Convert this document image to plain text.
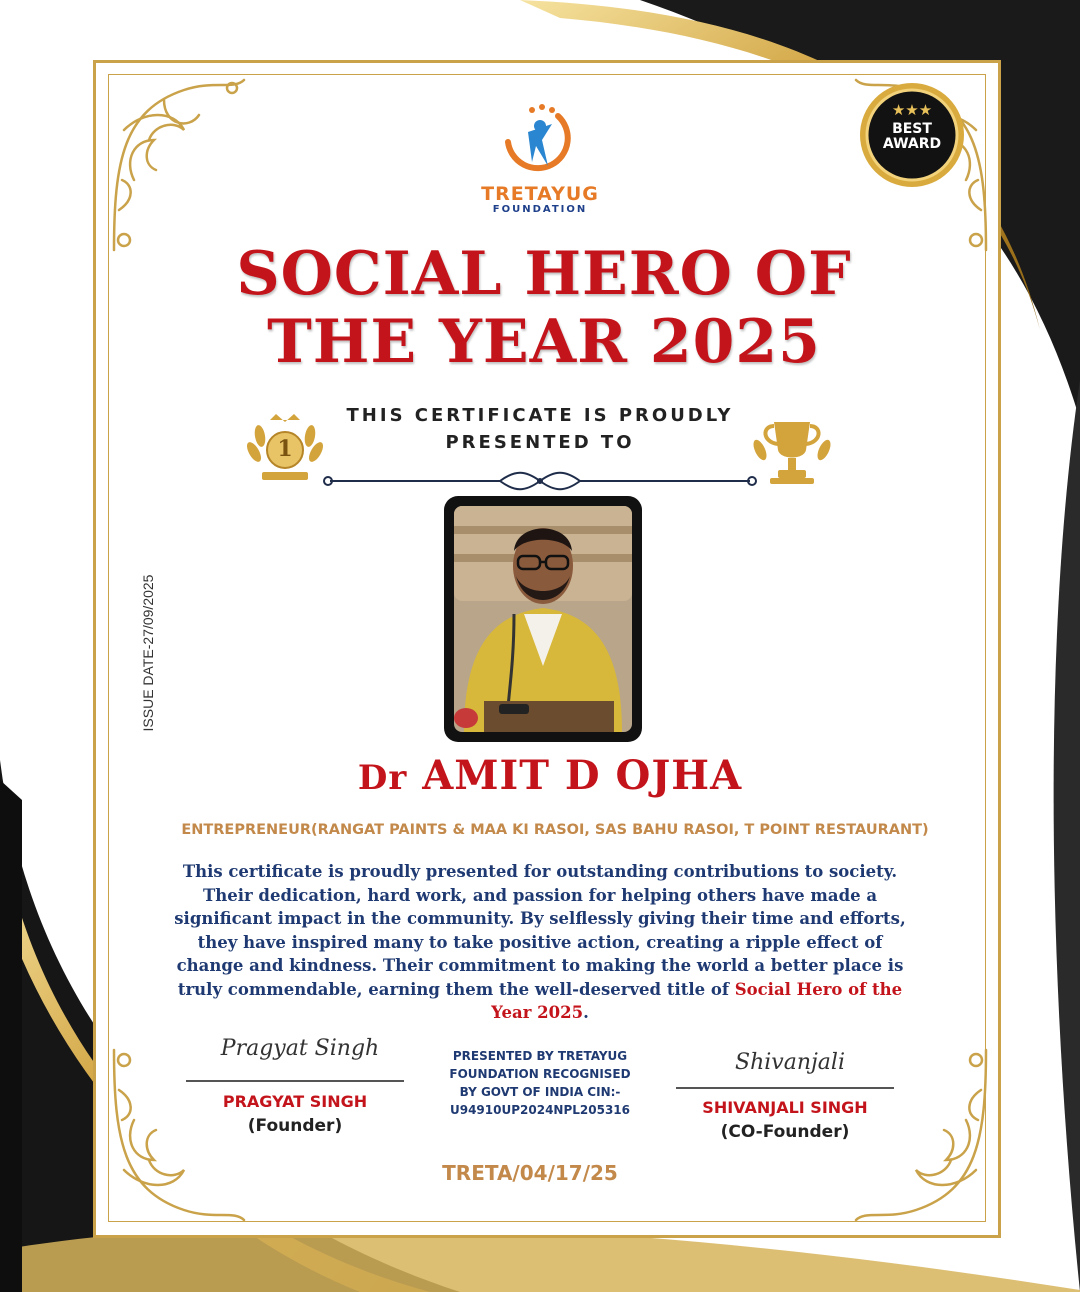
TRETAYUG
FOUNDATION
★★★
BEST
AWARD
SOCIAL HERO OF
THE YEAR 2025
THIS CERTIFICATE IS PROUDLY
PRESENTED TO
1
ISSUE DATE-27/09/2025
Dr AMIT D OJHA
ENTREPRENEUR(RANGAT PAINTS & MAA KI RASOI, SAS BAHU RASOI, T POINT RESTAURANT)
This certificate is proudly presented for outstanding contributions to society. Their dedication, hard work, and passion for helping others have made a significant impact in the community. By selflessly giving their time and efforts, they have inspired many to take positive action, creating a ripple effect of change and kindness. Their commitment to making the world a better place is truly commendable, earning them the well-deserved title of Social Hero of the Year 2025.
Pragyat Singh
PRAGYAT SINGH
(Founder)
Shivanjali
SHIVANJALI SINGH
(CO-Founder)
PRESENTED BY TRETAYUG
FOUNDATION RECOGNISED
BY GOVT OF INDIA CIN:-
U94910UP2024NPL205316
TRETA/04/17/25
